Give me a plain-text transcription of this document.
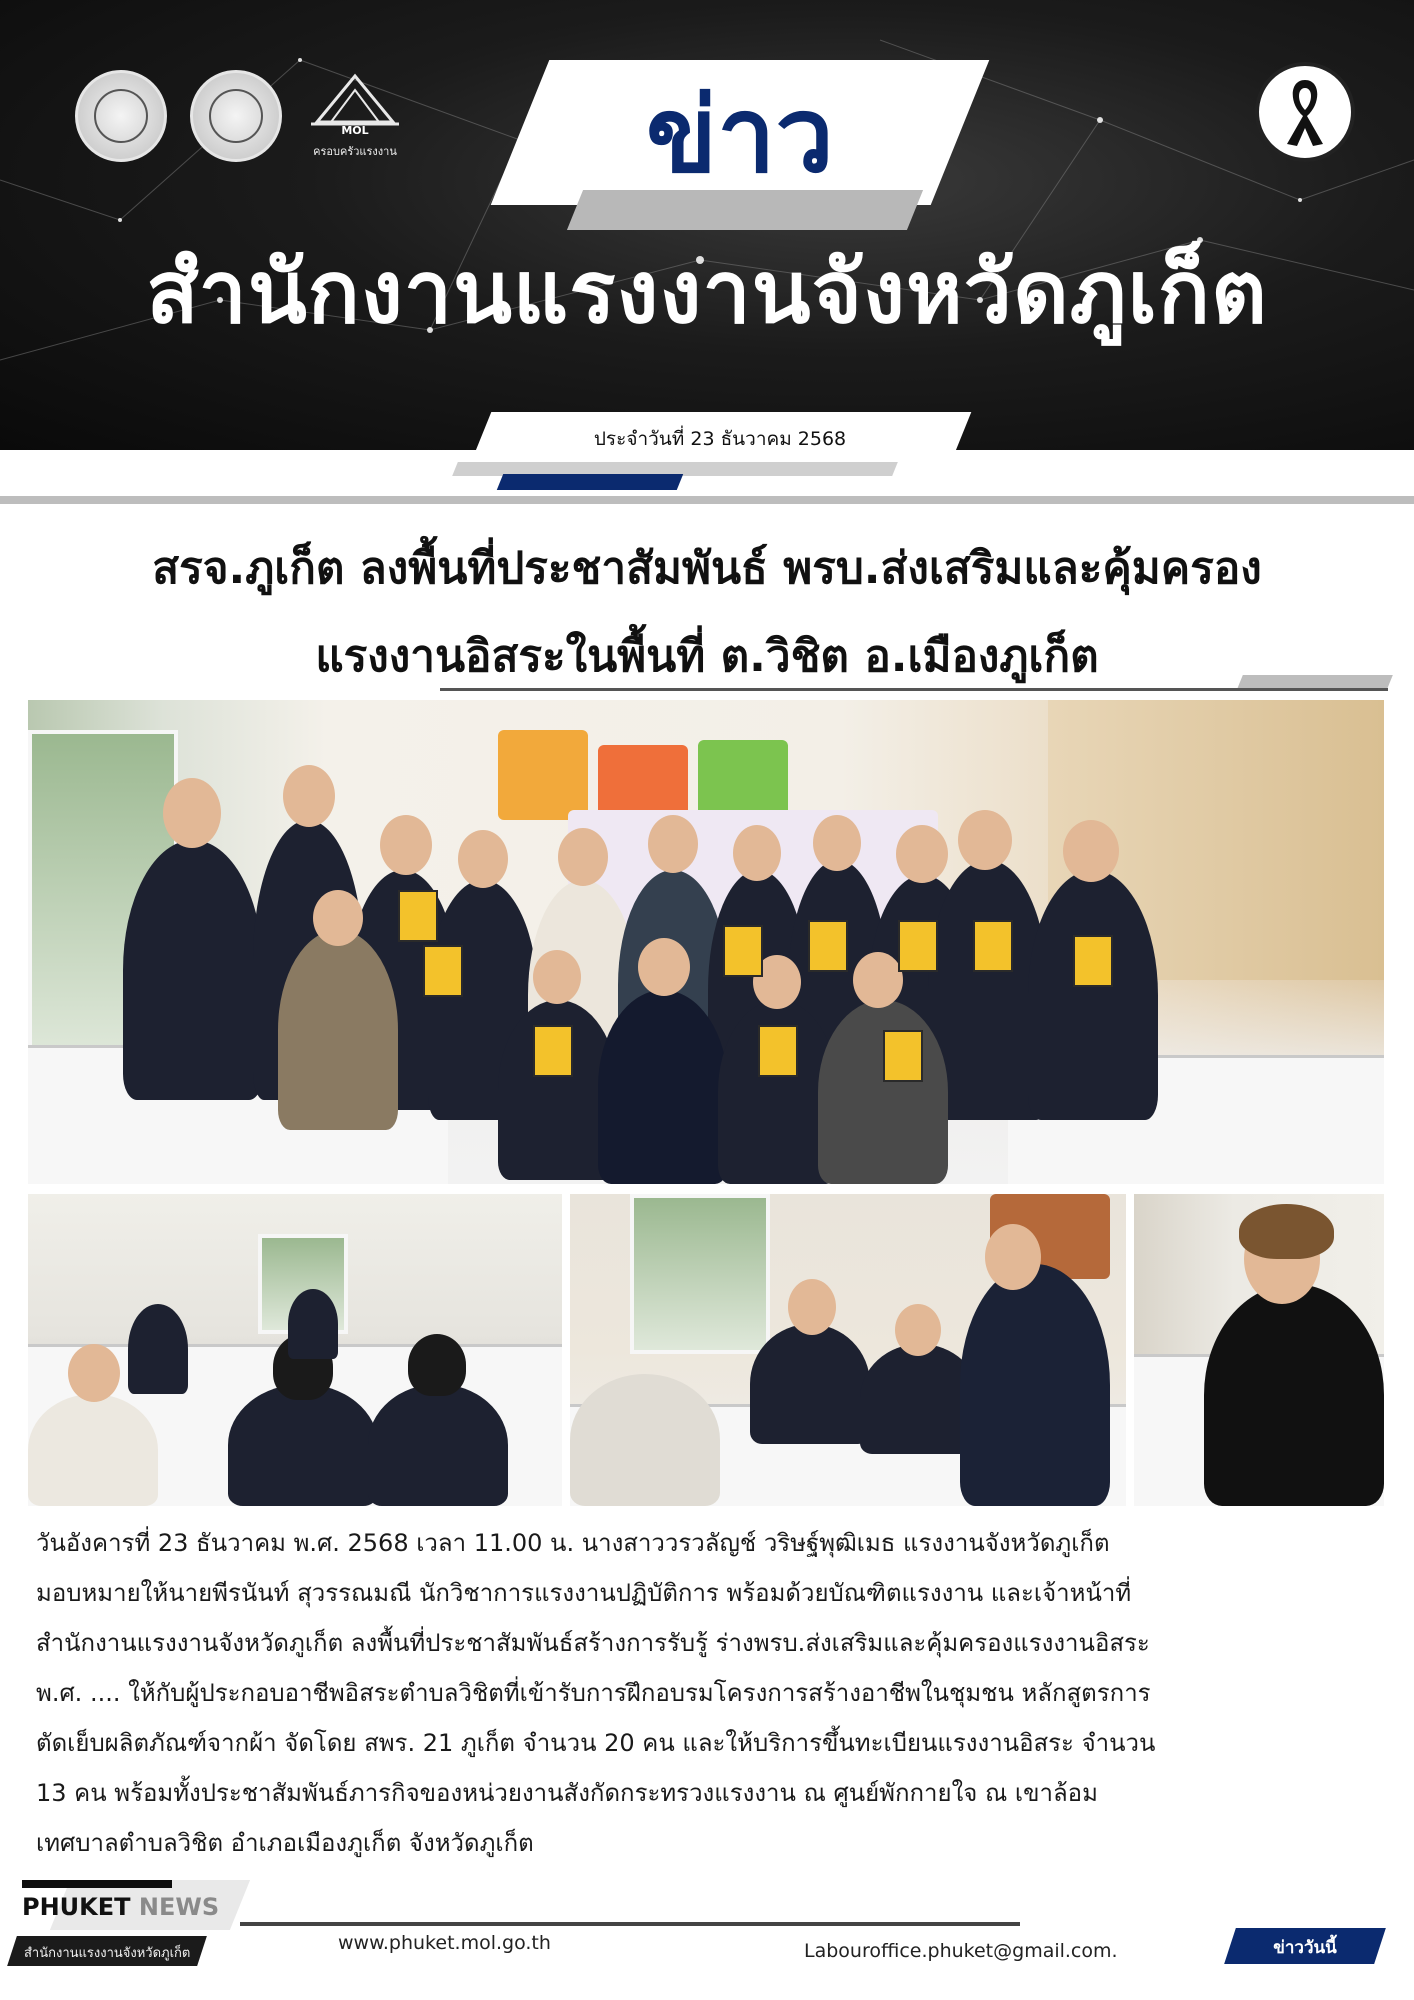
MOL
ครอบครัวแรงงาน	ข่าว
สำนักงานแรงงานจังหวัดภูเก็ต
ประจำวันที่ 23 ธันวาคม 2568
สรจ.ภูเก็ต ลงพื้นที่ประชาสัมพันธ์ พรบ.ส่งเสริมและคุ้มครอง
แรงงานอิสระในพื้นที่ ต.วิชิต อ.เมืองภูเก็ต
วันอังคารที่ 23 ธันวาคม พ.ศ. 2568 เวลา 11.00 น. นางสาววรวลัญช์ วริษฐ์พุฒิเมธ แรงงานจังหวัดภูเก็ต
มอบหมายให้นายพีรนันท์ สุวรรณมณี นักวิชาการแรงงานปฏิบัติการ พร้อมด้วยบัณฑิตแรงงาน และเจ้าหน้าที่
สำนักงานแรงงานจังหวัดภูเก็ต ลงพื้นที่ประชาสัมพันธ์สร้างการรับรู้ ร่างพรบ.ส่งเสริมและคุ้มครองแรงงานอิสระ
พ.ศ. .... ให้กับผู้ประกอบอาชีพอิสระตำบลวิชิตที่เข้ารับการฝึกอบรมโครงการสร้างอาชีพในชุมชน หลักสูตรการ
ตัดเย็บผลิตภัณฑ์จากผ้า จัดโดย สพร. 21 ภูเก็ต จำนวน 20 คน และให้บริการขึ้นทะเบียนแรงงานอิสระ จำนวน
13 คน พร้อมทั้งประชาสัมพันธ์ภารกิจของหน่วยงานสังกัดกระทรวงแรงงาน ณ ศูนย์พักกายใจ ณ เขาล้อม
เทศบาลตำบลวิชิต อำเภอเมืองภูเก็ต จังหวัดภูเก็ต
PHUKET NEWS
สำนักงานแรงงานจังหวัดภูเก็ต	www.phuket.mol.go.th	Labouroffice.phuket@gmail.com.	ข่าววันนี้
